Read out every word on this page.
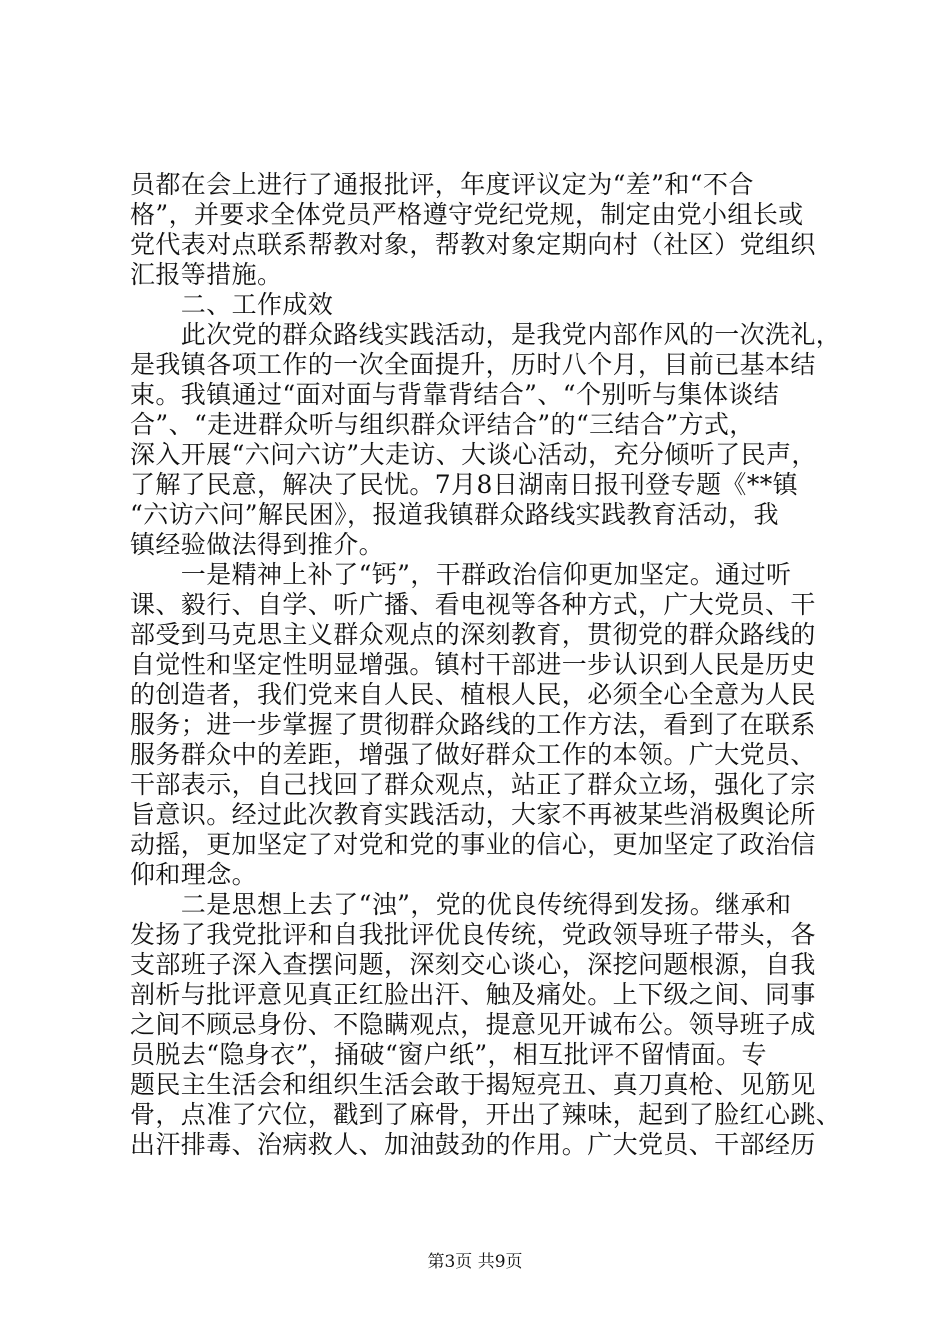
员都在会上进行了通报批评，年度评议定为“差”和“不合
格”，并要求全体党员严格遵守党纪党规，制定由党小组长或
党代表对点联系帮教对象，帮教对象定期向村（社区）党组织
汇报等措施。
　　二、工作成效
　　此次党的群众路线实践活动，是我党内部作风的一次洗礼，
是我镇各项工作的一次全面提升，历时八个月，目前已基本结
束。我镇通过“面对面与背靠背结合”、“个别听与集体谈结
合”、“走进群众听与组织群众评结合”的“三结合”方式，
深入开展“六问六访”大走访、大谈心活动，充分倾听了民声，
了解了民意，解决了民忧。7月8日湖南日报刊登专题《**镇
“六访六问”解民困》，报道我镇群众路线实践教育活动，我
镇经验做法得到推介。
　　一是精神上补了“钙”，干群政治信仰更加坚定。通过听
课、毅行、自学、听广播、看电视等各种方式，广大党员、干
部受到马克思主义群众观点的深刻教育，贯彻党的群众路线的
自觉性和坚定性明显增强。镇村干部进一步认识到人民是历史
的创造者，我们党来自人民、植根人民，必须全心全意为人民
服务；进一步掌握了贯彻群众路线的工作方法，看到了在联系
服务群众中的差距，增强了做好群众工作的本领。广大党员、
干部表示，自己找回了群众观点，站正了群众立场，强化了宗
旨意识。经过此次教育实践活动，大家不再被某些消极舆论所
动摇，更加坚定了对党和党的事业的信心，更加坚定了政治信
仰和理念。
　　二是思想上去了“浊”，党的优良传统得到发扬。继承和
发扬了我党批评和自我批评优良传统，党政领导班子带头，各
支部班子深入查摆问题，深刻交心谈心，深挖问题根源，自我
剖析与批评意见真正红脸出汗、触及痛处。上下级之间、同事
之间不顾忌身份、不隐瞒观点，提意见开诚布公。领导班子成
员脱去“隐身衣”，捅破“窗户纸”，相互批评不留情面。专
题民主生活会和组织生活会敢于揭短亮丑、真刀真枪、见筋见
骨，点准了穴位，戳到了麻骨，开出了辣味，起到了脸红心跳、
出汗排毒、治病救人、加油鼓劲的作用。广大党员、干部经历
第3页 共9页
